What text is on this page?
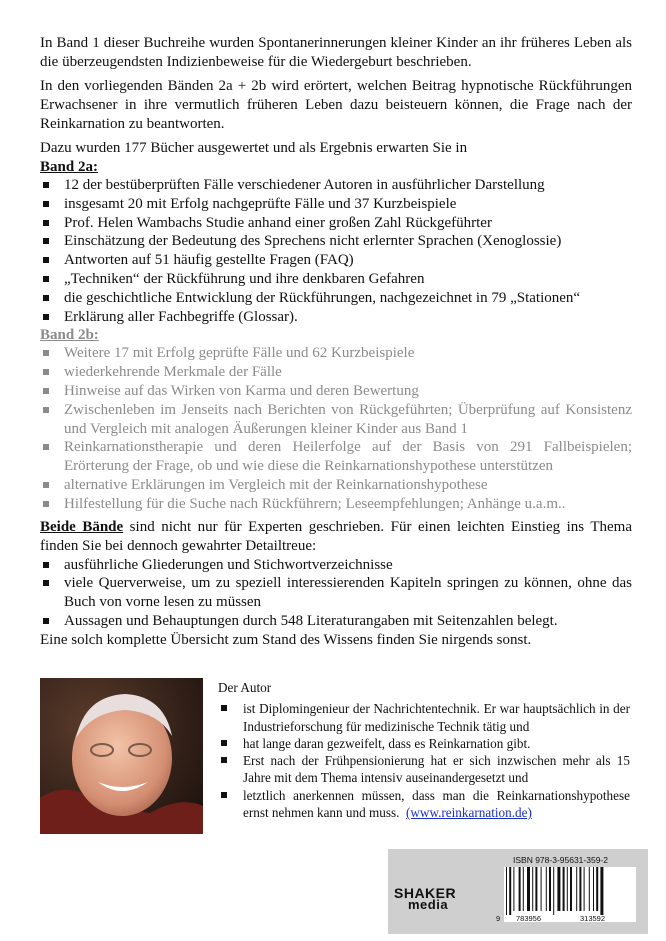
In Band 1 dieser Buchreihe wurden Spontanerinnerungen kleiner Kinder an ihr früheres Leben als die überzeugendsten Indizienbeweise für die Wiedergeburt beschrieben.

In den vorliegenden Bänden 2a + 2b wird erörtert, welchen Beitrag hypnotische Rückführungen Erwachsener in ihre vermutlich früheren Leben dazu beisteuern können, die Frage nach der Reinkarnation zu beantworten.

Dazu wurden 177 Bücher ausgewertet und als Ergebnis erwarten Sie in

Band 2a:
12 der bestüberprüften Fälle verschiedener Autoren in ausführlicher Darstellung
insgesamt 20 mit Erfolg nachgeprüfte Fälle und 37 Kurzbeispiele
Prof. Helen Wambachs Studie anhand einer großen Zahl Rückgeführter
Einschätzung der Bedeutung des Sprechens nicht erlernter Sprachen (Xenoglossie)
Antworten auf 51 häufig gestellte Fragen (FAQ)
„Techniken“ der Rückführung und ihre denkbaren Gefahren
die geschichtliche Entwicklung der Rückführungen, nachgezeichnet in 79 „Stationen“
Erklärung aller Fachbegriffe (Glossar).
Band 2b:
Weitere 17 mit Erfolg geprüfte Fälle und 62 Kurzbeispiele
wiederkehrende Merkmale der Fälle
Hinweise auf das Wirken von Karma und deren Bewertung
Zwischenleben im Jenseits nach Berichten von Rückgeführten; Überprüfung auf Konsistenz und Vergleich mit analogen Äußerungen kleiner Kinder aus Band 1
Reinkarnationstherapie und deren Heilerfolge auf der Basis von 291 Fallbeispielen; Erörterung der Frage, ob und wie diese die Reinkarnationshypothese unterstützen
alternative Erklärungen im Vergleich mit der Reinkarnationshypothese
Hilfestellung für die Suche nach Rückführern; Leseempfehlungen; Anhänge u.a.m..

Beide Bände sind nicht nur für Experten geschrieben. Für einen leichten Einstieg ins Thema finden Sie bei dennoch gewahrter Detailtreue:

ausführliche Gliederungen und Stichwortverzeichnisse
viele Querverweise, um zu speziell interessierenden Kapiteln springen zu können, ohne das Buch von vorne lesen zu müssen
Aussagen und Behauptungen durch 548 Literaturangaben mit Seitenzahlen belegt.

Eine solch komplette Übersicht zum Stand des Wissens finden Sie nirgends sonst.

Der Autor
ist Diplomingenieur der Nachrichtentechnik. Er war hauptsächlich in der Industrieforschung für medizinische Technik tätig und
hat lange daran gezweifelt, dass es Reinkarnation gibt.
Erst nach der Frühpensionierung hat er sich inzwischen mehr als 15 Jahre mit dem Thema intensiv auseinandergesetzt und
letztlich anerkennen müssen, dass man die Reinkarnationshypothese ernst nehmen kann und muss. (www.reinkarnation.de)
SHAKER
media
ISBN 978-3-95631-359-2
9 783956	313592
